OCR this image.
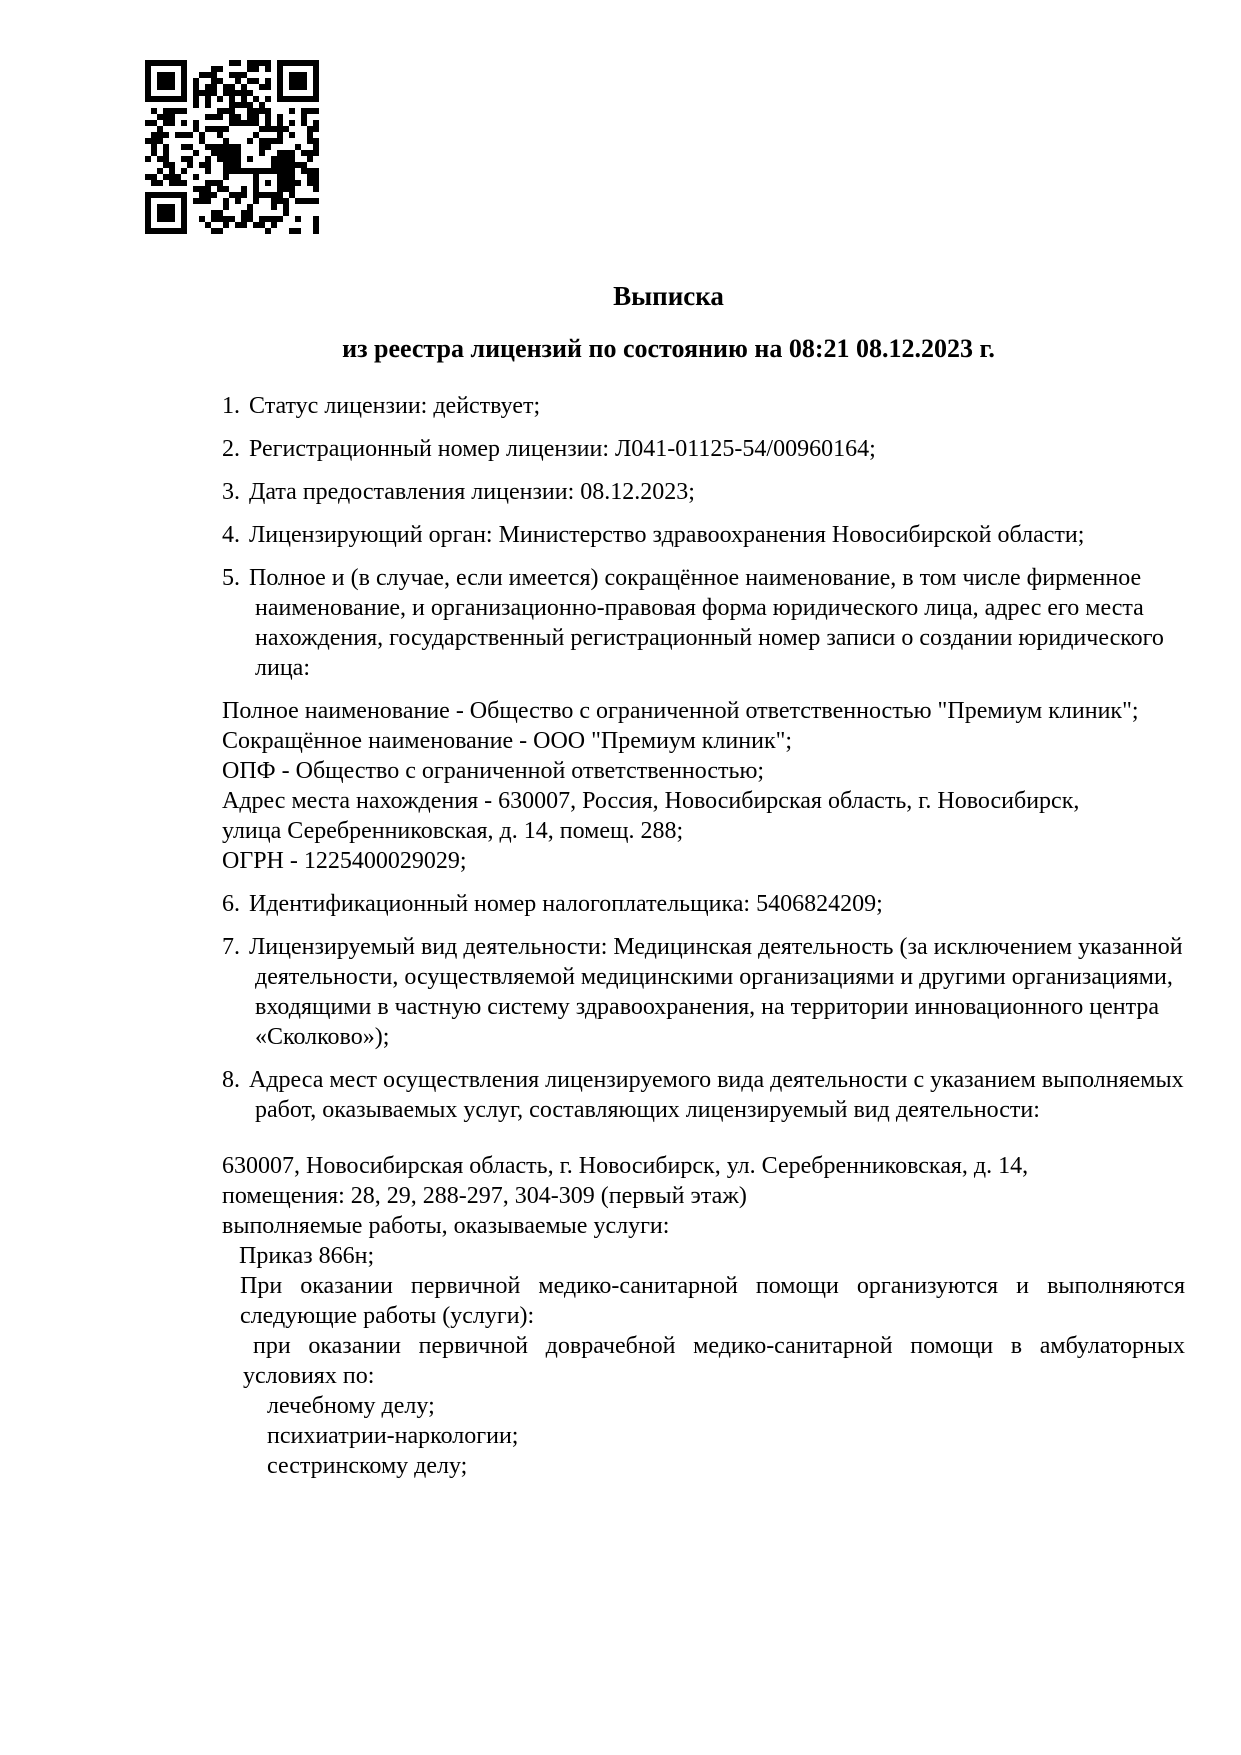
Выписка
из реестра лицензий по состоянию на 08:21 08.12.2023 г.
1. Статус лицензии: действует;
2. Регистрационный номер лицензии: Л041-01125-54/00960164;
3. Дата предоставления лицензии: 08.12.2023;
4. Лицензирующий орган: Министерство здравоохранения Новосибирской области;
5. Полное и (в случае, если имеется) сокращённое наименование, в том числе фирменное наименование, и организационно-правовая форма юридического лица, адрес его места нахождения, государственный регистрационный номер записи о создании юридического лица:
Полное наименование - Общество с ограниченной ответственностью "Премиум клиник";
Сокращённое наименование - ООО "Премиум клиник";
ОПФ - Общество с ограниченной ответственностью;
Адрес места нахождения - 630007, Россия, Новосибирская область, г. Новосибирск,
улица Серебренниковская, д. 14, помещ. 288;
ОГРН - 1225400029029;
6. Идентификационный номер налогоплательщика: 5406824209;
7. Лицензируемый вид деятельности: Медицинская деятельность (за исключением указанной деятельности, осуществляемой медицинскими организациями и другими организациями, входящими в частную систему здравоохранения, на территории инновационного центра «Сколково»);
8. Адреса мест осуществления лицензируемого вида деятельности с указанием выполняемых работ, оказываемых услуг, составляющих лицензируемый вид деятельности:
630007, Новосибирская область, г. Новосибирск, ул. Серебренниковская, д. 14,
помещения: 28, 29, 288-297, 304-309 (первый этаж)
выполняемые работы, оказываемые услуги:
Приказ 866н;
При оказании первичной медико-санитарной помощи организуются и выполняются следующие работы (услуги):
при оказании первичной доврачебной медико-санитарной помощи в амбулаторных условиях по:
лечебному делу;
психиатрии-наркологии;
сестринскому делу;
